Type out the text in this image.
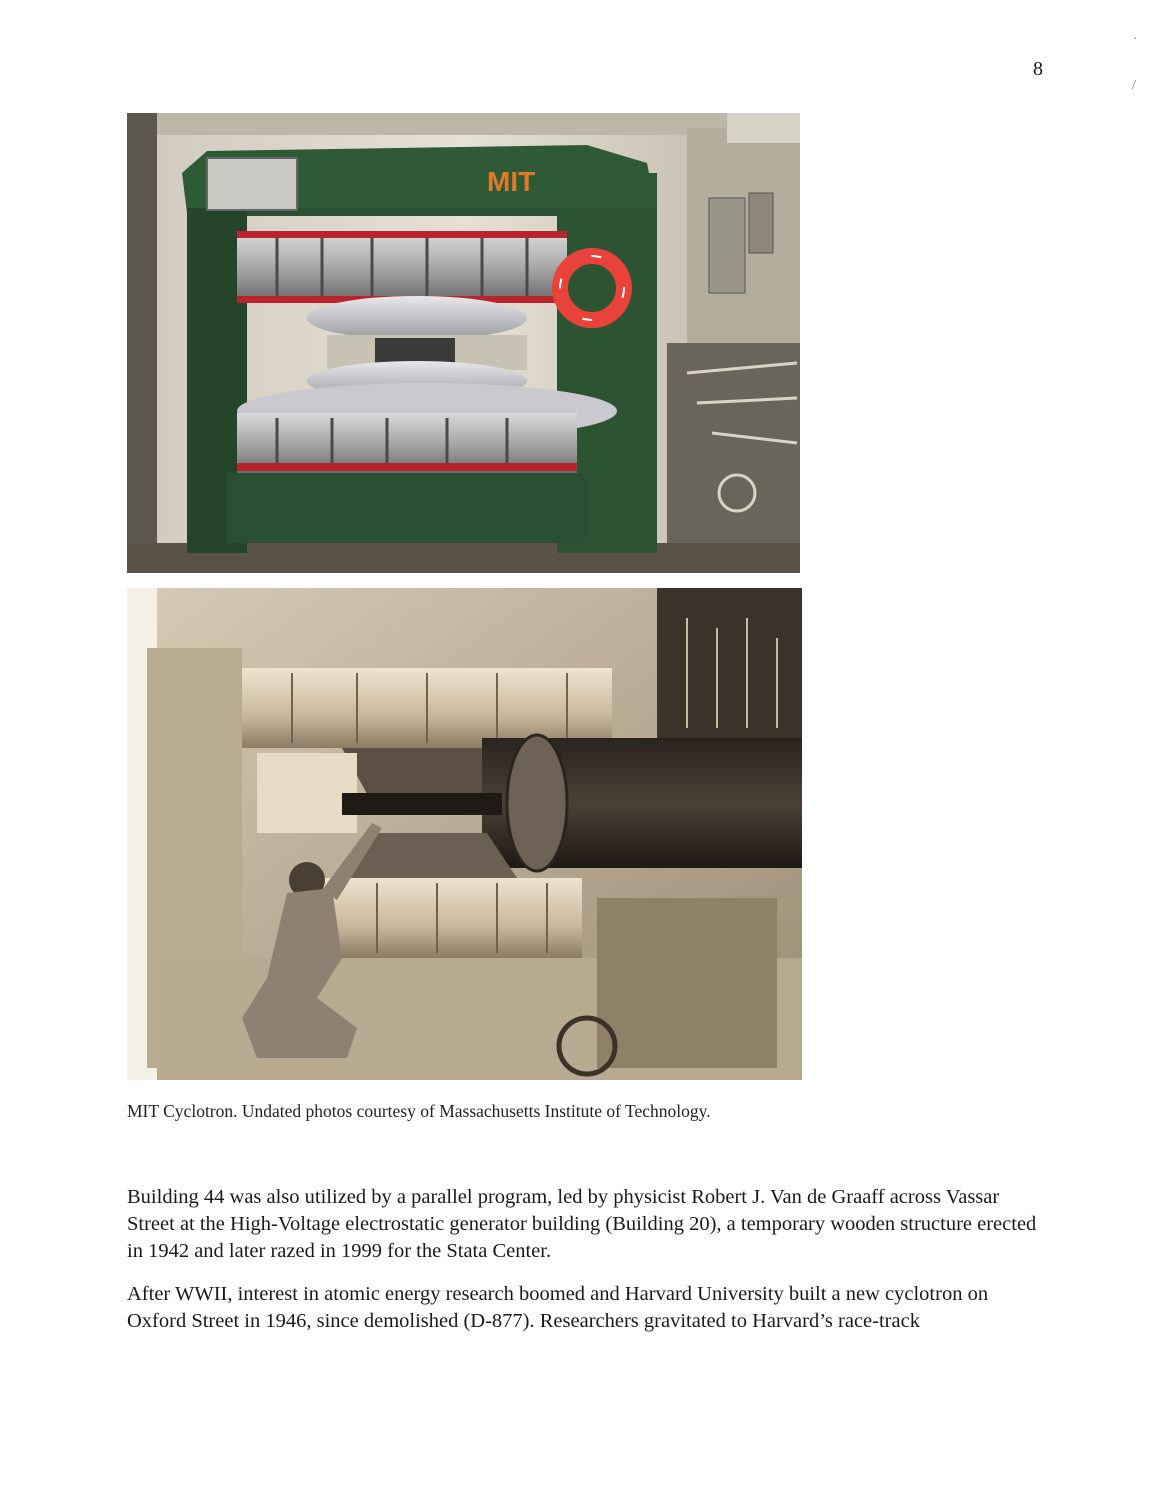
8
·
/
MIT
MIT Cyclotron. Undated photos courtesy of Massachusetts Institute of Technology.

Building 44 was also utilized by a parallel program, led by physicist Robert J. Van de Graaff across Vassar Street at the High-Voltage electrostatic generator building (Building 20), a temporary wooden structure erected in 1942 and later razed in 1999 for the Stata Center.

After WWII, interest in atomic energy research boomed and Harvard University built a new cyclotron on Oxford Street in 1946, since demolished (D-877). Researchers gravitated to Harvard’s race-track
